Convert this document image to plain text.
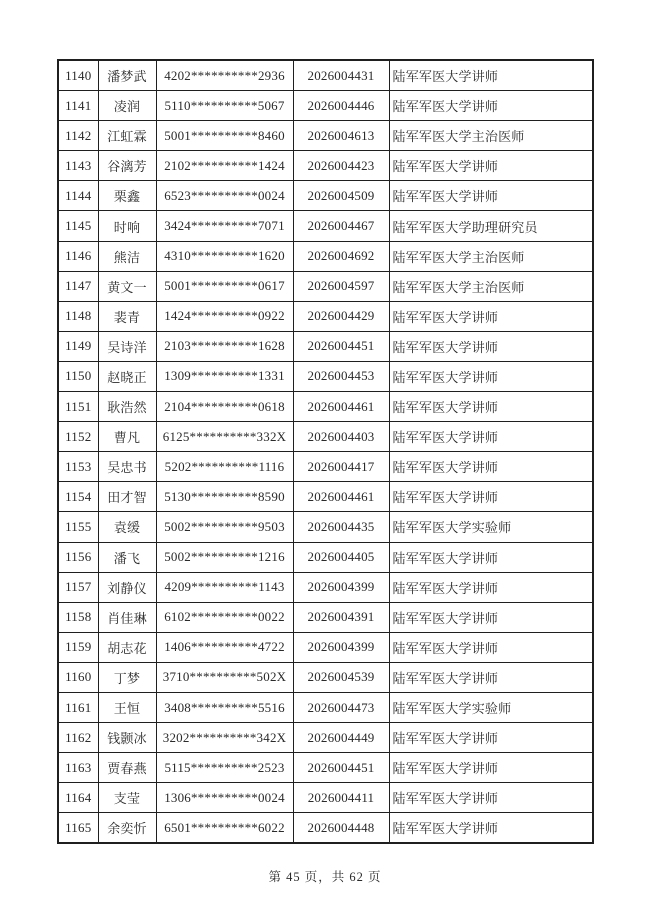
1140	潘梦武	4202**********2936	2026004431	陆军军医大学讲师
1141	凌润	5110**********5067	2026004446	陆军军医大学讲师
1142	江虹霖	5001**********8460	2026004613	陆军军医大学主治医师
1143	谷漓芳	2102**********1424	2026004423	陆军军医大学讲师
1144	栗鑫	6523**********0024	2026004509	陆军军医大学讲师
1145	时响	3424**********7071	2026004467	陆军军医大学助理研究员
1146	熊洁	4310**********1620	2026004692	陆军军医大学主治医师
1147	黄文一	5001**********0617	2026004597	陆军军医大学主治医师
1148	裴青	1424**********0922	2026004429	陆军军医大学讲师
1149	吴诗洋	2103**********1628	2026004451	陆军军医大学讲师
1150	赵晓正	1309**********1331	2026004453	陆军军医大学讲师
1151	耿浩然	2104**********0618	2026004461	陆军军医大学讲师
1152	曹凡	6125**********332X	2026004403	陆军军医大学讲师
1153	吴忠书	5202**********1116	2026004417	陆军军医大学讲师
1154	田才智	5130**********8590	2026004461	陆军军医大学讲师
1155	袁缓	5002**********9503	2026004435	陆军军医大学实验师
1156	潘飞	5002**********1216	2026004405	陆军军医大学讲师
1157	刘静仪	4209**********1143	2026004399	陆军军医大学讲师
1158	肖佳琳	6102**********0022	2026004391	陆军军医大学讲师
1159	胡志花	1406**********4722	2026004399	陆军军医大学讲师
1160	丁梦	3710**********502X	2026004539	陆军军医大学讲师
1161	王恒	3408**********5516	2026004473	陆军军医大学实验师
1162	钱颢冰	3202**********342X	2026004449	陆军军医大学讲师
1163	贾春燕	5115**********2523	2026004451	陆军军医大学讲师
1164	支莹	1306**********0024	2026004411	陆军军医大学讲师
1165	余奕忻	6501**********6022	2026004448	陆军军医大学讲师
第 45 页，共 62 页
